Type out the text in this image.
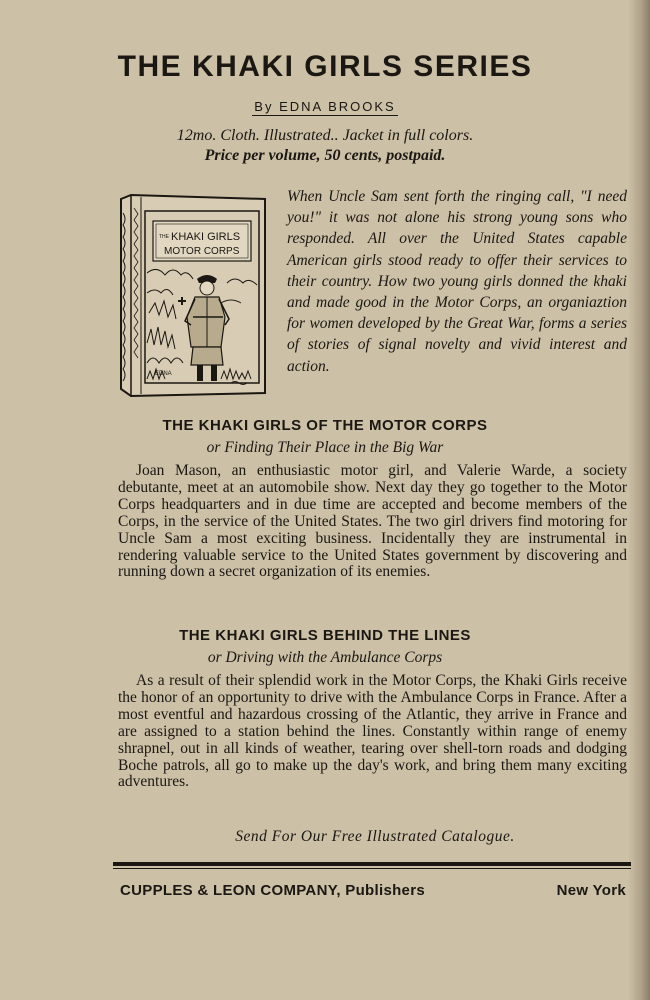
THE KHAKI GIRLS SERIES
By EDNA BROOKS
12mo. Cloth. Illustrated.. Jacket in full colors.
Price per volume, 50 cents, postpaid.
THE KHAKI GIRLS
MOTOR CORPS
EDNA

When Uncle Sam sent forth the ringing call, "I need you!" it was not alone his strong young sons who responded. All over the United States capable American girls stood ready to offer their services to their country. How two young girls donned the khaki and made good in the Motor Corps, an organiaztion for women developed by the Great War, forms a series of stories of signal novelty and vivid interest and action.

THE KHAKI GIRLS OF THE MOTOR CORPS
or Finding Their Place in the Big War

Joan Mason, an enthusiastic motor girl, and Valerie Warde, a society debutante, meet at an automobile show. Next day they go together to the Motor Corps headquarters and in due time are accepted and become members of the Corps, in the service of the United States. The two girl drivers find motoring for Uncle Sam a most exciting business. Incidentally they are instrumental in rendering valuable service to the United States government by discovering and running down a secret organization of its enemies.

THE KHAKI GIRLS BEHIND THE LINES
or Driving with the Ambulance Corps

As a result of their splendid work in the Motor Corps, the Khaki Girls receive the honor of an opportunity to drive with the Ambulance Corps in France. After a most eventful and hazardous crossing of the Atlantic, they arrive in France and are assigned to a station behind the lines. Constantly within range of enemy shrapnel, out in all kinds of weather, tearing over shell-torn roads and dodging Boche patrols, all go to make up the day's work, and bring them many exciting adventures.

Send For Our Free Illustrated Catalogue.
CUPPLES & LEON COMPANY, Publishers	New York
